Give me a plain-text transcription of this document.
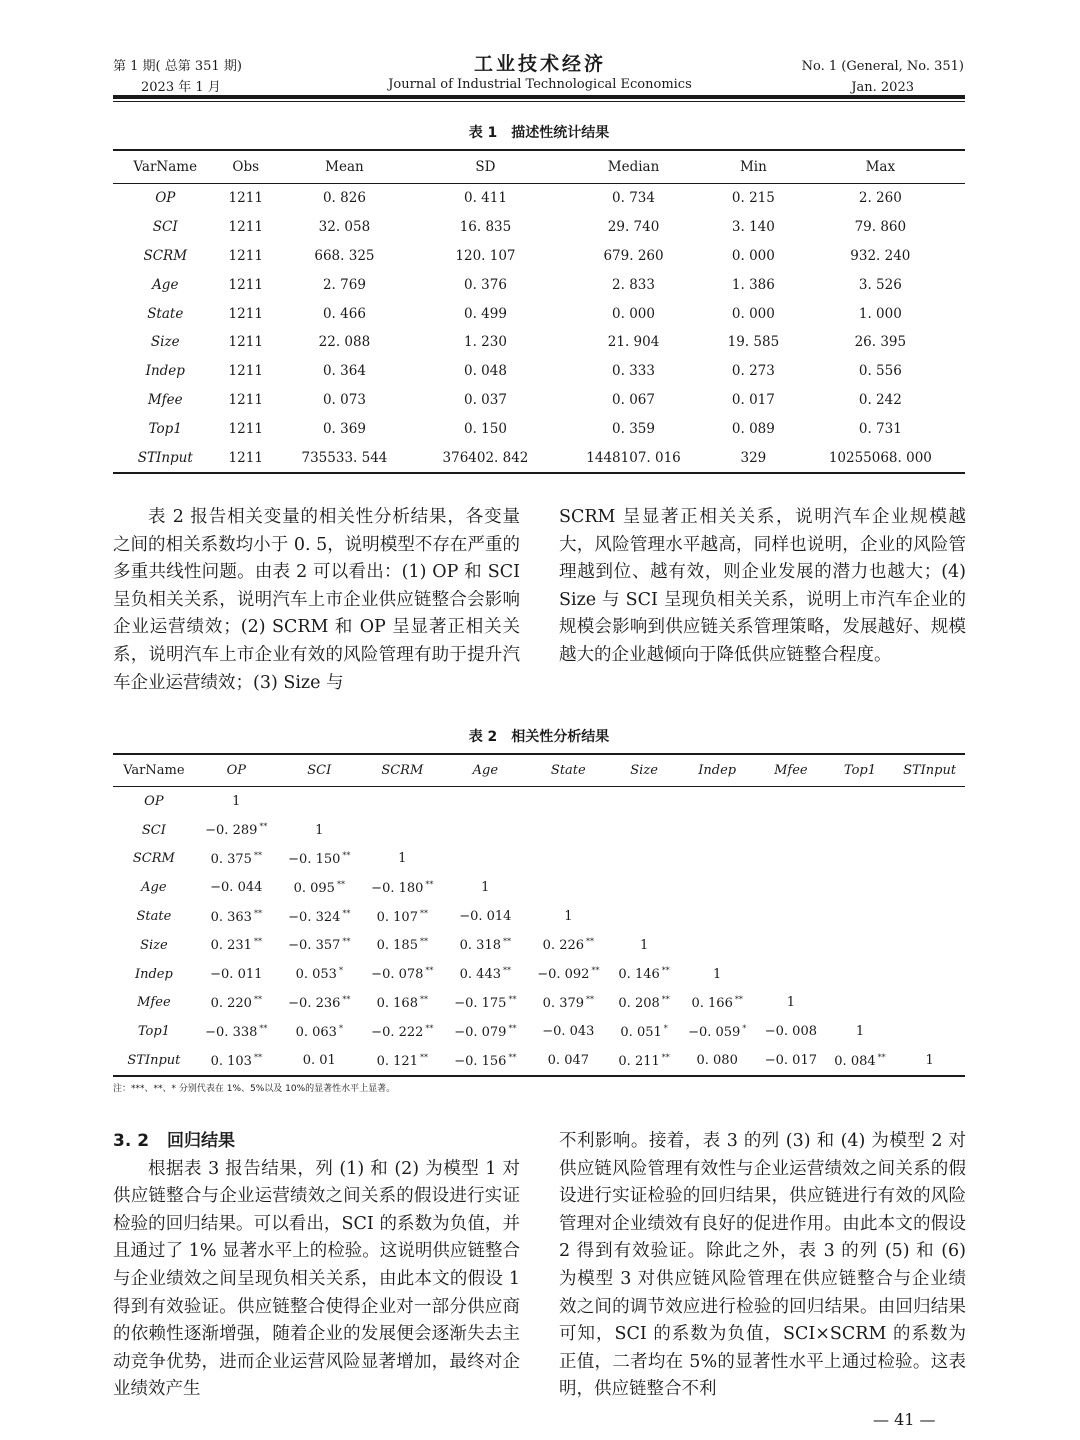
第 1 期( 总第 351 期)
2023 年 1 月
工业技术经济
Journal of Industrial Technological Economics
No. 1 (General, No. 351)
Jan. 2023
表 1　描述性统计结果
VarName	Obs	Mean	SD	Median	Min	Max
OP	1211	0. 826	0. 411	0. 734	0. 215	2. 260
SCI	1211	32. 058	16. 835	29. 740	3. 140	79. 860
SCRM	1211	668. 325	120. 107	679. 260	0. 000	932. 240
Age	1211	2. 769	0. 376	2. 833	1. 386	3. 526
State	1211	0. 466	0. 499	0. 000	0. 000	1. 000
Size	1211	22. 088	1. 230	21. 904	19. 585	26. 395
Indep	1211	0. 364	0. 048	0. 333	0. 273	0. 556
Mfee	1211	0. 073	0. 037	0. 067	0. 017	0. 242
Top1	1211	0. 369	0. 150	0. 359	0. 089	0. 731
STInput	1211	735533. 544	376402. 842	1448107. 016	329	10255068. 000

表 2 报告相关变量的相关性分析结果，各变量之间的相关系数均小于 0. 5，说明模型不存在严重的多重共线性问题。由表 2 可以看出：(1) OP 和 SCI 呈负相关关系，说明汽车上市企业供应链整合会影响企业运营绩效；(2) SCRM 和 OP 呈显著正相关关系，说明汽车上市企业有效的风险管理有助于提升汽车企业运营绩效；(3) Size 与

SCRM 呈显著正相关关系，说明汽车企业规模越大，风险管理水平越高，同样也说明，企业的风险管理越到位、越有效，则企业发展的潜力也越大；(4) Size 与 SCI 呈现负相关关系，说明上市汽车企业的规模会影响到供应链关系管理策略，发展越好、规模越大的企业越倾向于降低供应链整合程度。

表 2　相关性分析结果
VarName	OP	SCI	SCRM	Age	State	Size	Indep	Mfee	Top1	STInput
OP	1									
SCI	−0. 289 **	1								
SCRM	0. 375 **	−0. 150 **	1							
Age	−0. 044	0. 095 **	−0. 180 **	1						
State	0. 363 **	−0. 324 **	0. 107 **	−0. 014	1					
Size	0. 231 **	−0. 357 **	0. 185 **	0. 318 **	0. 226 **	1				
Indep	−0. 011	0. 053 *	−0. 078 **	0. 443 **	−0. 092 **	0. 146 **	1			
Mfee	0. 220 **	−0. 236 **	0. 168 **	−0. 175 **	0. 379 **	0. 208 **	0. 166 **	1		
Top1	−0. 338 **	0. 063 *	−0. 222 **	−0. 079 **	−0. 043	0. 051 *	−0. 059 *	−0. 008	1	
STInput	0. 103 **	0. 01	0. 121 **	−0. 156 **	0. 047	0. 211 **	0. 080	−0. 017	0. 084 **	1
注：***、**、* 分别代表在 1%、5%以及 10%的显著性水平上显著。
3. 2 回归结果

根据表 3 报告结果，列 (1) 和 (2) 为模型 1 对供应链整合与企业运营绩效之间关系的假设进行实证检验的回归结果。可以看出，SCI 的系数为负值，并且通过了 1% 显著水平上的检验。这说明供应链整合与企业绩效之间呈现负相关关系，由此本文的假设 1 得到有效验证。供应链整合使得企业对一部分供应商的依赖性逐渐增强，随着企业的发展便会逐渐失去主动竞争优势，进而企业运营风险显著增加，最终对企业绩效产生

不利影响。接着，表 3 的列 (3) 和 (4) 为模型 2 对供应链风险管理有效性与企业运营绩效之间关系的假设进行实证检验的回归结果，供应链进行有效的风险管理对企业绩效有良好的促进作用。由此本文的假设 2 得到有效验证。除此之外，表 3 的列 (5) 和 (6) 为模型 3 对供应链风险管理在供应链整合与企业绩效之间的调节效应进行检验的回归结果。由回归结果可知，SCI 的系数为负值，SCI×SCRM 的系数为正值，二者均在 5%的显著性水平上通过检验。这表明，供应链整合不利

— 41 —
